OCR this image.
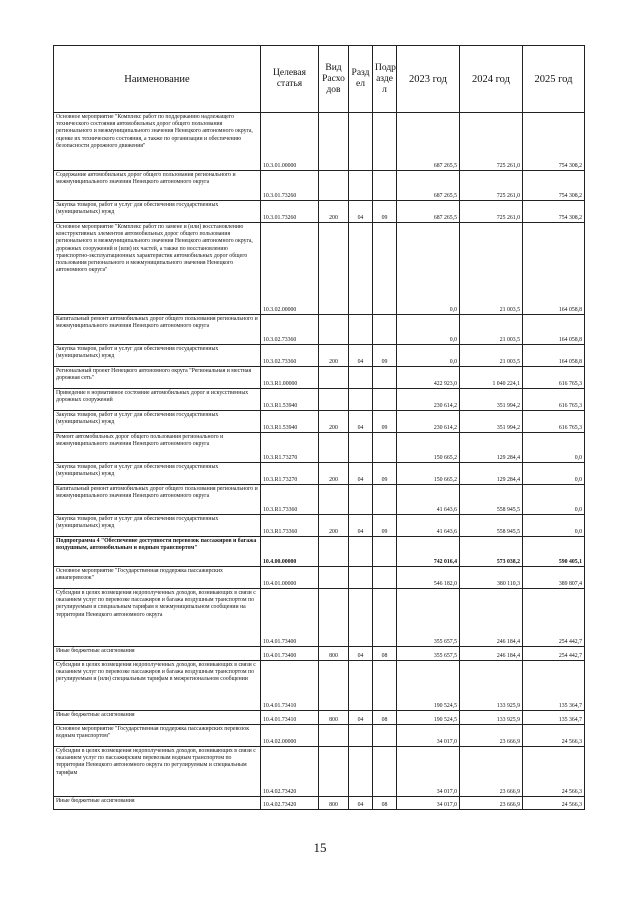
Наименование	Целевая статья	Вид Расхо дов	Разд ел	Подр азде л	2023 год	2024 год	2025 год
Основное мероприятие "Комплекс работ по поддержанию надлежащего технического состояния автомобильных дорог общего пользования регионального и межмуниципального значения Ненецкого автономного округа, оценке их технического состояния, а также по организации и обеспечению безопасности дорожного движения"	10.3.01.00000				687 265,5	725 261,0	754 308,2
Содержание автомобильных дорог общего пользования регионального и межмуниципального значения Ненецкого автономного округа	10.3.01.73260				687 265,5	725 261,0	754 308,2
Закупка товаров, работ и услуг для обеспечения государственных (муниципальных) нужд	10.3.01.73260	200	04	09	687 265,5	725 261,0	754 308,2
Основное мероприятие "Комплекс работ по замене и (или) восстановлению конструктивных элементов автомобильных дорог общего пользования регионального и межмуниципального значения Ненецкого автономного округа, дорожных сооружений и (или) их частей, а также по восстановлению транспортно-эксплуатационных характеристик автомобильных дорог общего пользования регионального и межмуниципального значения Ненецкого автономного округа"	10.3.02.00000				0,0	21 003,5	164 058,8
Капитальный ремонт автомобильных дорог общего пользования регионального и межмуниципального значения Ненецкого автономного округа	10.3.02.73360				0,0	21 003,5	164 058,8
Закупка товаров, работ и услуг для обеспечения государственных (муниципальных) нужд	10.3.02.73360	200	04	09	0,0	21 003,5	164 058,8
Региональный проект Ненецкого автономного округа "Региональная и местная дорожная сеть"	10.3.R1.00000				422 923,0	1 040 224,1	616 765,3
Приведение в нормативное состояние автомобильных дорог и искусственных дорожных сооружений	10.3.R1.53940				230 614,2	351 994,2	616 765,3
Закупка товаров, работ и услуг для обеспечения государственных (муниципальных) нужд	10.3.R1.53940	200	04	09	230 614,2	351 994,2	616 765,3
Ремонт автомобильных дорог общего пользования регионального и межмуниципального значения Ненецкого автономного округа	10.3.R1.73270				150 665,2	129 284,4	0,0
Закупка товаров, работ и услуг для обеспечения государственных (муниципальных) нужд	10.3.R1.73270	200	04	09	150 665,2	129 284,4	0,0
Капитальный ремонт автомобильных дорог общего пользования регионального и межмуниципального значения Ненецкого автономного округа	10.3.R1.73360				41 643,6	558 945,5	0,0
Закупка товаров, работ и услуг для обеспечения государственных (муниципальных) нужд	10.3.R1.73360	200	04	09	41 643,6	558 945,5	0,0
Подпрограмма 4 "Обеспечение доступности перевозок пассажиров и багажа воздушным, автомобильным и водным транспортом"	10.4.00.00000				742 016,4	573 038,2	590 405,1
Основное мероприятие "Государственная поддержка пассажирских авиаперевозок"	10.4.01.00000				546 182,0	380 110,3	389 807,4
Субсидии в целях возмещения недополученных доходов, возникающих в связи с оказанием услуг по перевозке пассажиров и багажа воздушным транспортом по регулируемым и специальным тарифам в межмуниципальном сообщении на территории Ненецкого автономного округа	10.4.01.73400				355 657,5	246 184,4	254 442,7
Иные бюджетные ассигнования	10.4.01.73400	800	04	08	355 657,5	246 184,4	254 442,7
Субсидии в целях возмещения недополученных доходов, возникающих в связи с оказанием услуг по перевозке пассажиров и багажа воздушным транспортом по регулируемым и (или) специальным тарифам в межрегиональном сообщении	10.4.01.73410				190 524,5	133 925,9	135 364,7
Иные бюджетные ассигнования	10.4.01.73410	800	04	08	190 524,5	133 925,9	135 364,7
Основное мероприятие "Государственная поддержка пассажирских перевозок водным транспортом"	10.4.02.00000				34 017,0	23 666,9	24 566,3
Субсидии в целях возмещения недополученных доходов, возникающих в связи с оказанием услуг по пассажирским перевозкам водным транспортом по территории Ненецкого автономного округа по регулируемым и специальным тарифам	10.4.02.73420				34 017,0	23 666,9	24 566,3
Иные бюджетные ассигнования	10.4.02.73420	800	04	08	34 017,0	23 666,9	24 566,3
15
